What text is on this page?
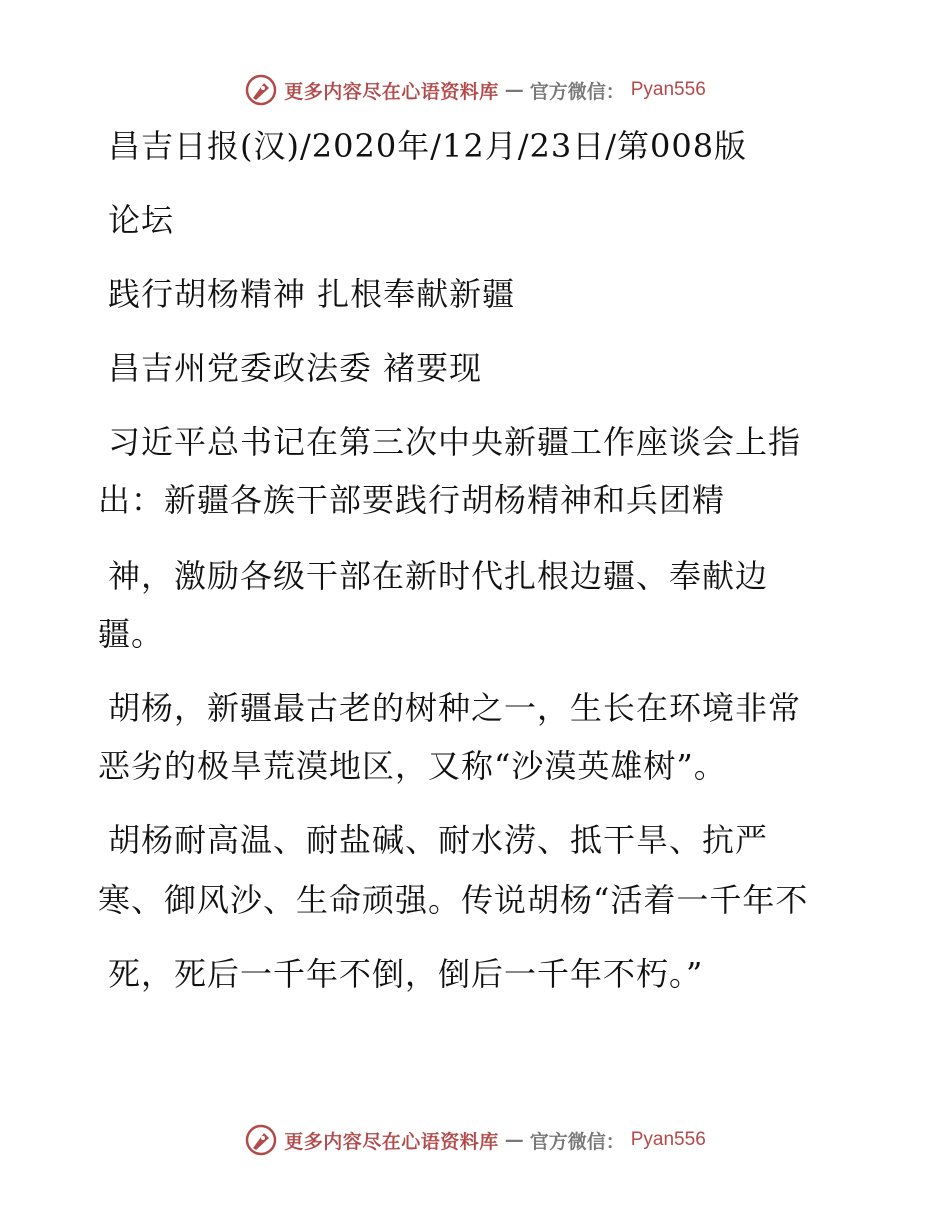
更多内容尽在心语资料库 — 官方微信： Pyan556
昌吉日报(汉)/2020年/12月/23日/第008版
论坛
践行胡杨精神 扎根奉献新疆
昌吉州党委政法委 褚要现
习近平总书记在第三次中央新疆工作座谈会上指
出：新疆各族干部要践行胡杨精神和兵团精
神，激励各级干部在新时代扎根边疆、奉献边
疆。
胡杨，新疆最古老的树种之一，生长在环境非常
恶劣的极旱荒漠地区，又称“沙漠英雄树”。
胡杨耐高温、耐盐碱、耐水涝、抵干旱、抗严
寒、御风沙、生命顽强。传说胡杨“活着一千年不
死，死后一千年不倒，倒后一千年不朽。”
更多内容尽在心语资料库 — 官方微信： Pyan556
